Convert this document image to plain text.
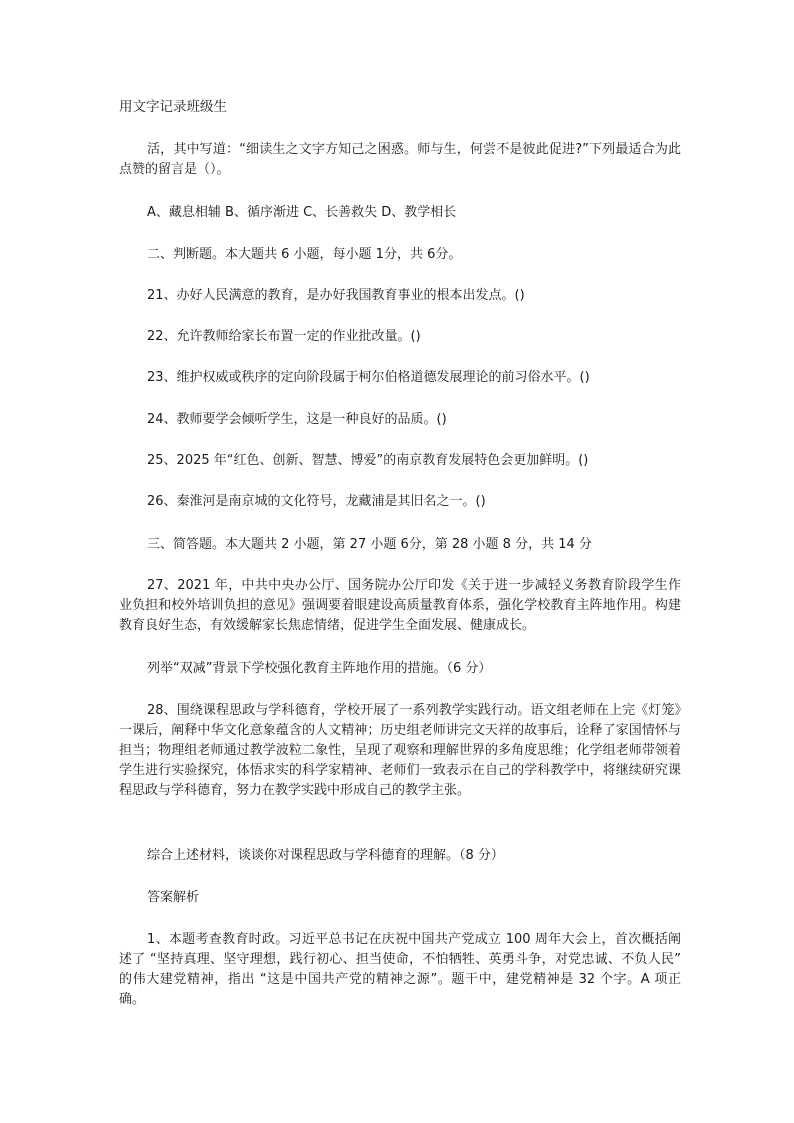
用文字记录班级生
活，其中写道：“细读生之文字方知己之困惑。师与生，何尝不是彼此促进?”下列最适合为此点赞的留言是（）。
A、藏息相辅 B、循序渐进 C、长善救失 D、教学相长
二、判断题。本大题共 6 小题，每小题 1分，共 6分。
21、办好人民满意的教育，是办好我国教育事业的根本出发点。()
22、允许教师给家长布置一定的作业批改量。()
23、维护权威或秩序的定向阶段属于柯尔伯格道德发展理论的前习俗水平。()
24、教师要学会倾听学生，这是一种良好的品质。()
25、2025 年“红色、创新、智慧、博爱”的南京教育发展特色会更加鲜明。()
26、秦淮河是南京城的文化符号，龙藏浦是其旧名之一。()
三、简答题。本大题共 2 小题，第 27 小题 6分，第 28 小题 8 分，共 14 分
27、2021 年，中共中央办公厅、国务院办公厅印发《关于进一步减轻义务教育阶段学生作业负担和校外培训负担的意见》强调要着眼建设高质量教育体系，强化学校教育主阵地作用。构建教育良好生态，有效缓解家长焦虑情绪，促进学生全面发展、健康成长。
列举“双减”背景下学校强化教育主阵地作用的措施。（6 分）
28、围绕课程思政与学科德育，学校开展了一系列教学实践行动。语文组老师在上完《灯笼》一课后，阐释中华文化意象蕴含的人文精神；历史组老师讲完文天祥的故事后，诠释了家国情怀与担当；物理组老师通过教学波粒二象性，呈现了观察和理解世界的多角度思维；化学组老师带领着学生进行实验探究，体悟求实的科学家精神、老师们一致表示在自己的学科教学中，将继续研究课程思政与学科德育，努力在教学实践中形成自己的教学主张。
综合上述材料，谈谈你对课程思政与学科德育的理解。（8 分）
答案解析
1、本题考查教育时政。习近平总书记在庆祝中国共产党成立 100 周年大会上，首次概括阐述了 “坚持真理、坚守理想，践行初心、担当使命，不怕牺牲、英勇斗争，对党忠诚、不负人民” 的伟大建党精神，指出 “这是中国共产党的精神之源”。题干中，建党精神是 32 个字。A 项正确。
